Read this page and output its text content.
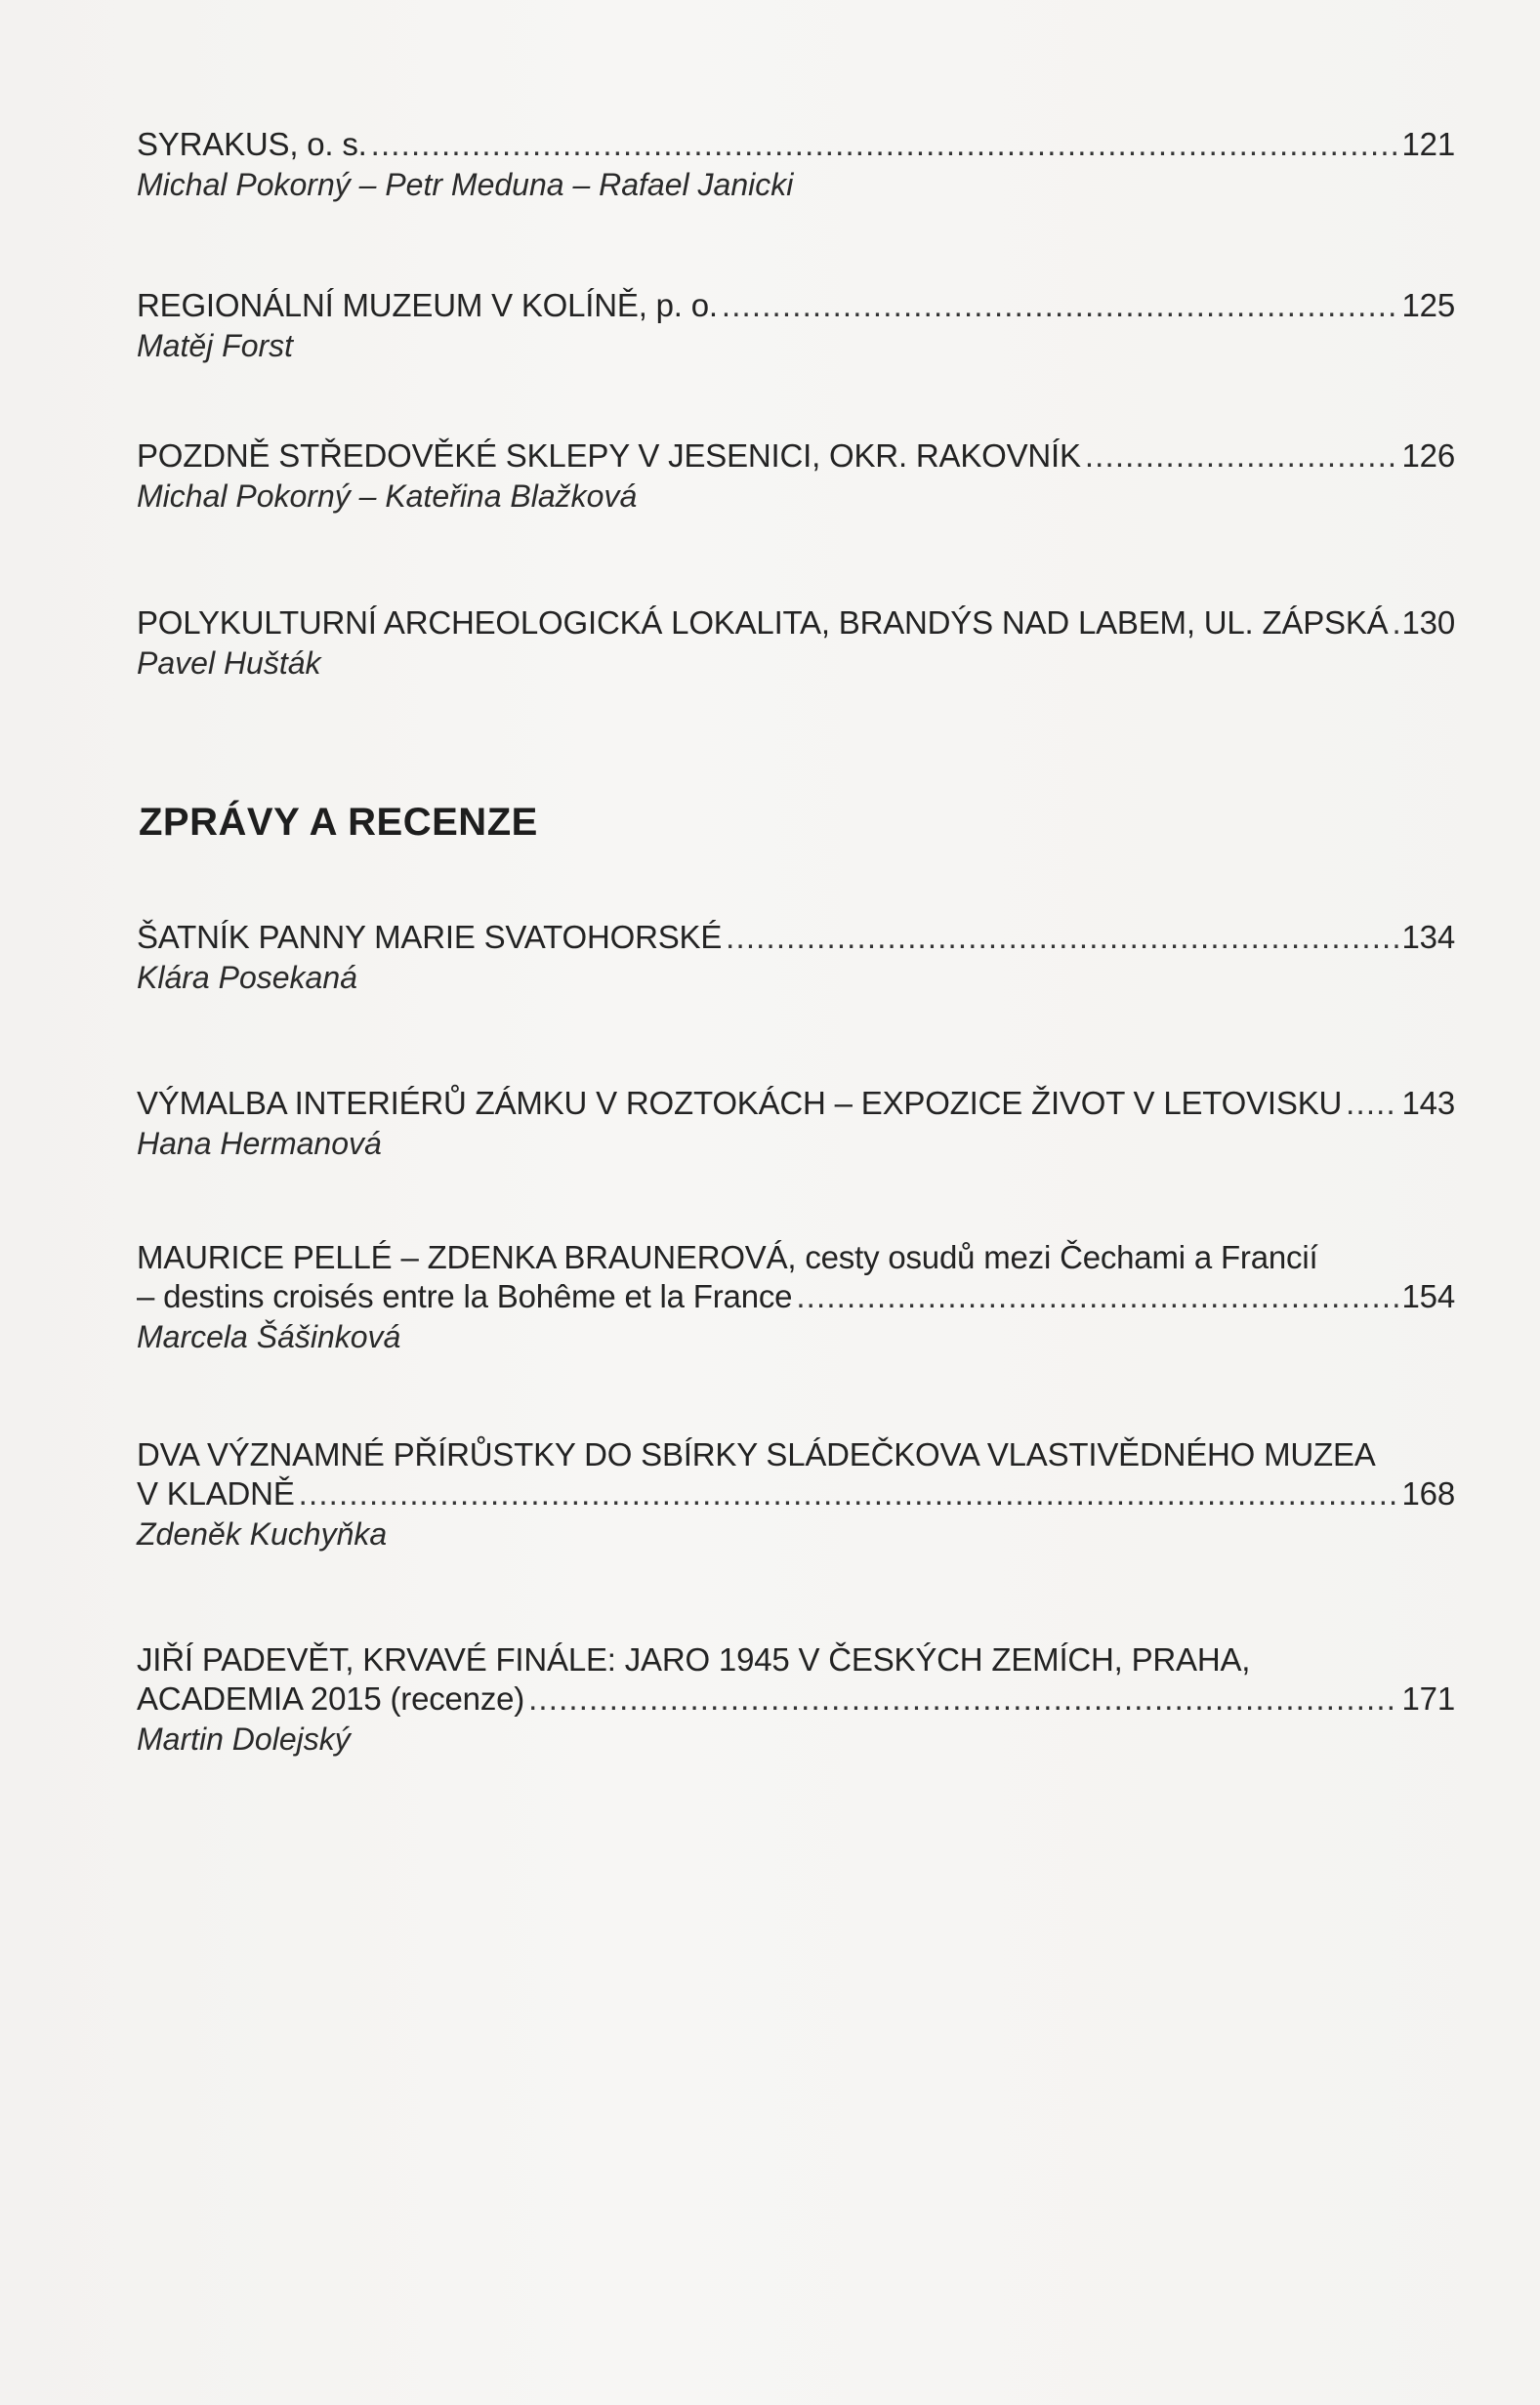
SYRAKUS, o. s. . . .	121
Michal Pokorný – Petr Meduna – Rafael Janicki
REGIONÁLNÍ MUZEUM V KOLÍNĚ, p. o. . . .	125
Matěj Forst
POZDNĚ STŘEDOVĚKÉ SKLEPY V JESENICI, OKR. RAKOVNÍK . . .	126
Michal Pokorný – Kateřina Blažková
POLYKULTURNÍ ARCHEOLOGICKÁ LOKALITA, BRANDÝS NAD LABEM, UL. ZÁPSKÁ . . . 130
Pavel Hušták
ZPRÁVY A RECENZE
ŠATNÍK PANNY MARIE SVATOHORSKÉ . . .	134
Klára Posekaná
VÝMALBA INTERIÉRŮ ZÁMKU V ROZTOKÁCH – EXPOZICE ŽIVOT V LETOVISKU . . . 143
Hana Hermanová
MAURICE PELLÉ – ZDENKA BRAUNEROVÁ, cesty osudů mezi Čechami a Francií
– destins croisés entre la Bohême et la France . . .	154
Marcela Šášinková
DVA VÝZNAMNÉ PŘÍRŮSTKY DO SBÍRKY SLÁDEČKOVA VLASTIVĚDNÉHO MUZEA
V KLADNĚ . . .	168
Zdeněk Kuchyňka
JIŘÍ PADEVĚT, KRVAVÉ FINÁLE: JARO 1945 V ČESKÝCH ZEMÍCH, PRAHA,
ACADEMIA 2015 (recenze) . . .	171
Martin Dolejský
